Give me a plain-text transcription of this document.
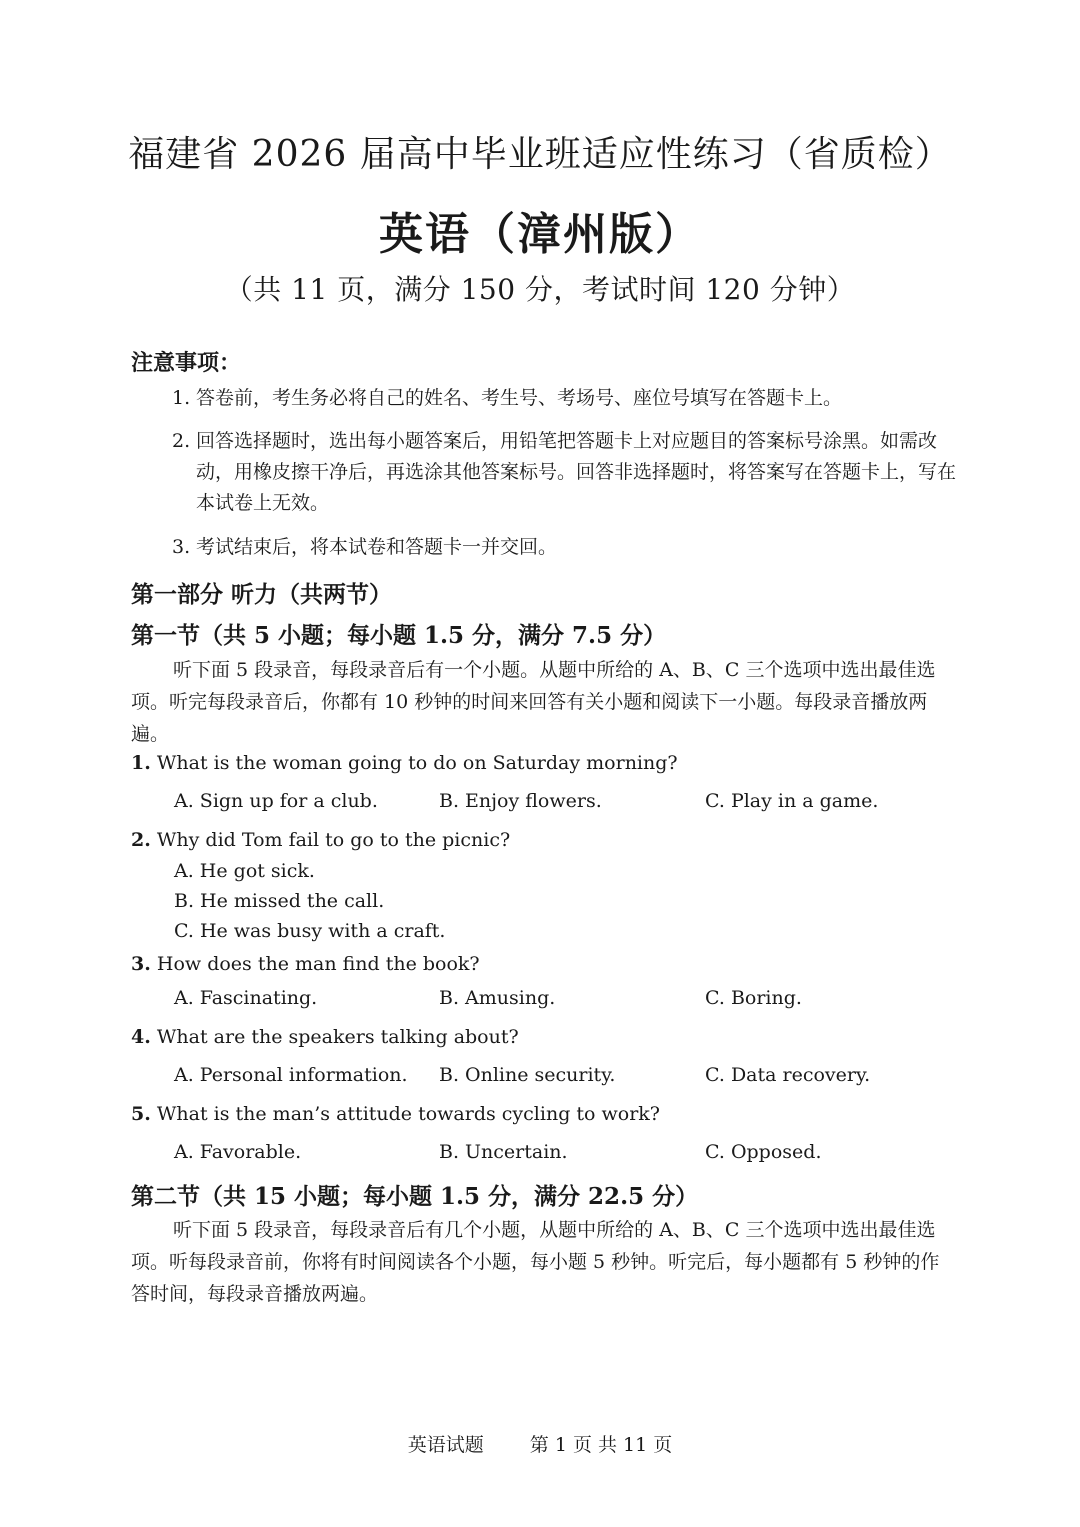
福建省 2026 届高中毕业班适应性练习（省质检）
英语（漳州版）
（共 11 页，满分 150 分，考试时间 120 分钟）
注意事项：
1. 答卷前，考生务必将自己的姓名、考生号、考场号、座位号填写在答题卡上。
2. 回答选择题时，选出每小题答案后，用铅笔把答题卡上对应题目的答案标号涂黑。如需改动，用橡皮擦干净后，再选涂其他答案标号。回答非选择题时，将答案写在答题卡上，写在本试卷上无效。
3. 考试结束后，将本试卷和答题卡一并交回。
第一部分 听力（共两节）
第一节（共 5 小题；每小题 1.5 分，满分 7.5 分）
听下面 5 段录音，每段录音后有一个小题。从题中所给的 A、B、C 三个选项中选出最佳选项。听完每段录音后，你都有 10 秒钟的时间来回答有关小题和阅读下一小题。每段录音播放两遍。
1. What is the woman going to do on Saturday morning?
A. Sign up for a club.	B. Enjoy flowers.	C. Play in a game.
2. Why did Tom fail to go to the picnic?
A. He got sick.
B. He missed the call.
C. He was busy with a craft.
3. How does the man find the book?
A. Fascinating.	B. Amusing.	C. Boring.
4. What are the speakers talking about?
A. Personal information. B. Online security.	C. Data recovery.
5. What is the man’s attitude towards cycling to work?
A. Favorable.	B. Uncertain.	C. Opposed.
第二节（共 15 小题；每小题 1.5 分，满分 22.5 分）
听下面 5 段录音，每段录音后有几个小题，从题中所给的 A、B、C 三个选项中选出最佳选项。听每段录音前，你将有时间阅读各个小题，每小题 5 秒钟。听完后，每小题都有 5 秒钟的作答时间，每段录音播放两遍。
英语试题 第 1 页 共 11 页
